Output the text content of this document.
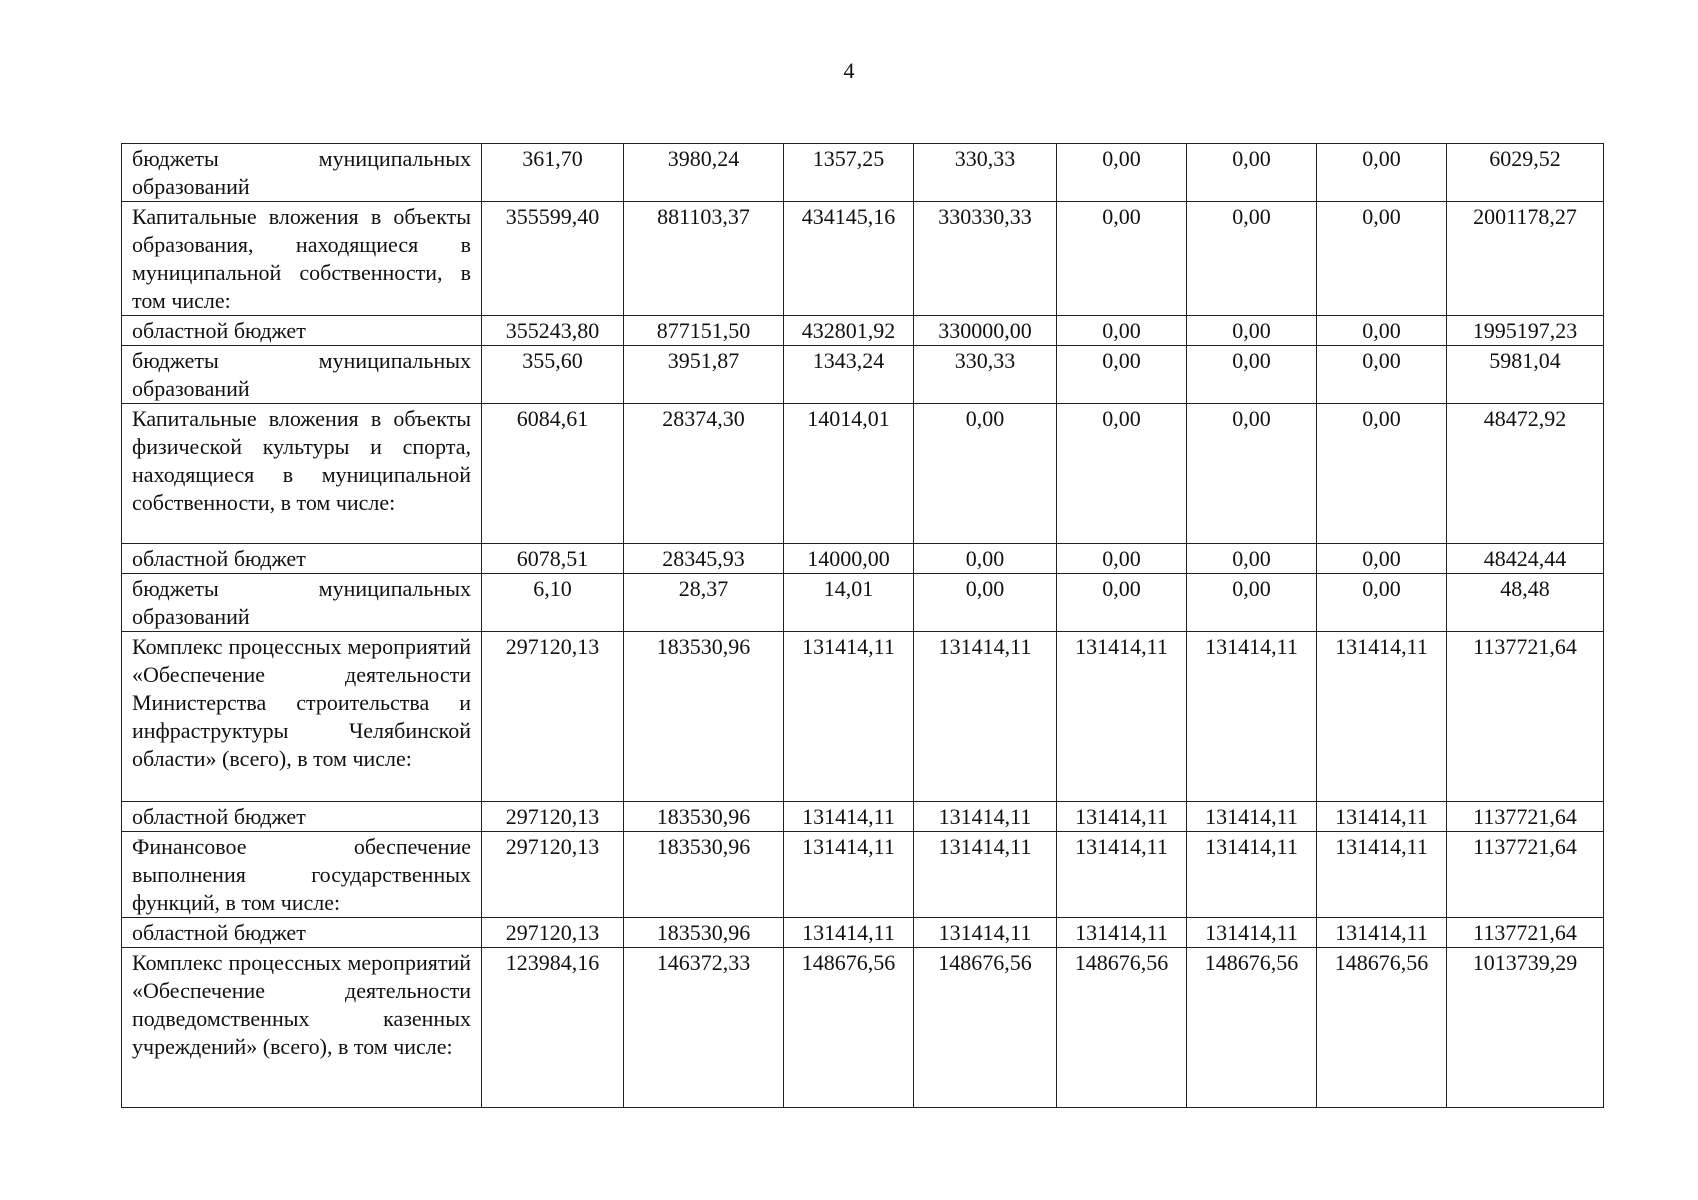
4
бюджеты муниципальных образований	361,70	3980,24	1357,25	330,33	0,00	0,00	0,00	6029,52
Капитальные вложения в объекты образования, находящиеся в муниципальной собственности, в том числе:	355599,40	881103,37	434145,16	330330,33	0,00	0,00	0,00	2001178,27
областной бюджет	355243,80	877151,50	432801,92	330000,00	0,00	0,00	0,00	1995197,23
бюджеты муниципальных образований	355,60	3951,87	1343,24	330,33	0,00	0,00	0,00	5981,04
Капитальные вложения в объекты физической культуры и спорта, находящиеся в муниципальной собственности, в том числе:	6084,61	28374,30	14014,01	0,00	0,00	0,00	0,00	48472,92
областной бюджет	6078,51	28345,93	14000,00	0,00	0,00	0,00	0,00	48424,44
бюджеты муниципальных образований	6,10	28,37	14,01	0,00	0,00	0,00	0,00	48,48
Комплекс процессных мероприятий «Обеспечение деятельности Министерства строительства и инфраструктуры Челябинской области» (всего), в том числе:	297120,13	183530,96	131414,11	131414,11	131414,11	131414,11	131414,11	1137721,64
областной бюджет	297120,13	183530,96	131414,11	131414,11	131414,11	131414,11	131414,11	1137721,64
Финансовое обеспечение выполнения государственных функций, в том числе:	297120,13	183530,96	131414,11	131414,11	131414,11	131414,11	131414,11	1137721,64
областной бюджет	297120,13	183530,96	131414,11	131414,11	131414,11	131414,11	131414,11	1137721,64
Комплекс процессных мероприятий «Обеспечение деятельности подведомственных казенных учреждений» (всего), в том числе:	123984,16	146372,33	148676,56	148676,56	148676,56	148676,56	148676,56	1013739,29
